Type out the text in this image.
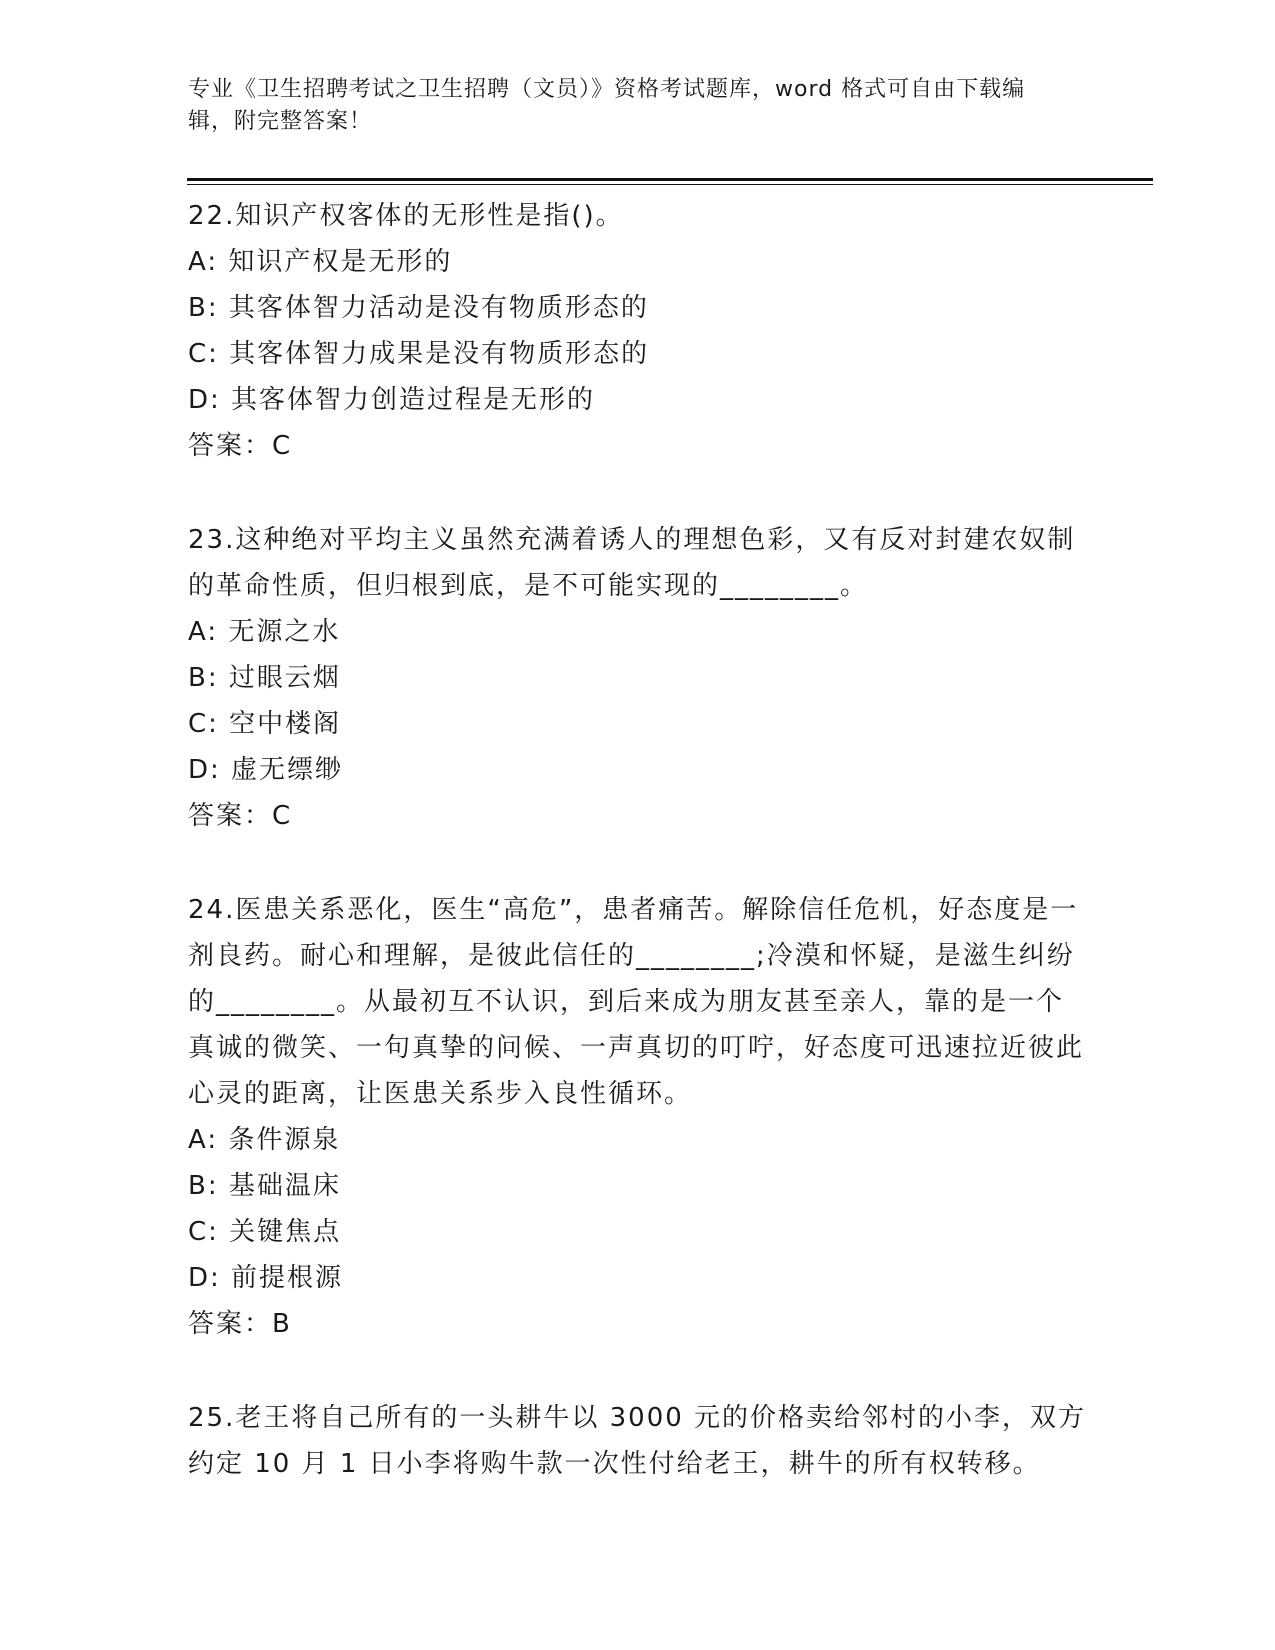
专业《卫生招聘考试之卫生招聘（文员）》资格考试题库，word 格式可自由下载编辑，附完整答案！

22.知识产权客体的无形性是指()。

A: 知识产权是无形的

B: 其客体智力活动是没有物质形态的

C: 其客体智力成果是没有物质形态的

D: 其客体智力创造过程是无形的

答案：C

23.这种绝对平均主义虽然充满着诱人的理想色彩，又有反对封建农奴制的革命性质，但归根到底，是不可能实现的________。

A: 无源之水

B: 过眼云烟

C: 空中楼阁

D: 虚无缥缈

答案：C

24.医患关系恶化，医生“高危”，患者痛苦。解除信任危机，好态度是一剂良药。耐心和理解，是彼此信任的________;冷漠和怀疑，是滋生纠纷的________。从最初互不认识，到后来成为朋友甚至亲人，靠的是一个真诚的微笑、一句真挚的问候、一声真切的叮咛，好态度可迅速拉近彼此心灵的距离，让医患关系步入良性循环。

A: 条件源泉

B: 基础温床

C: 关键焦点

D: 前提根源

答案：B

25.老王将自己所有的一头耕牛以 3000 元的价格卖给邻村的小李，双方约定 10 月 1 日小李将购牛款一次性付给老王，耕牛的所有权转移。
